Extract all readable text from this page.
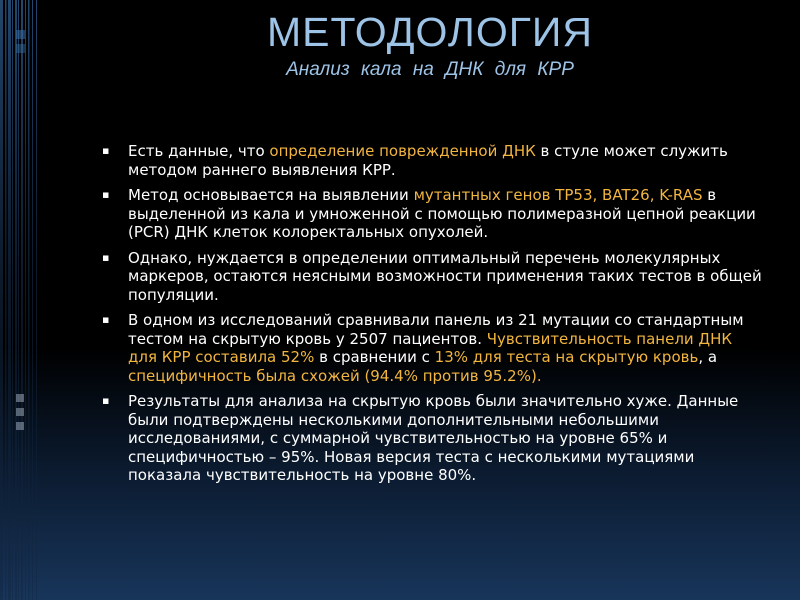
МЕТОДОЛОГИЯ
Анализ кала на ДНК для КРР
▪ Есть данные, что определение поврежденной ДНК в стуле может служить методом раннего выявления КРР.
▪ Метод основывается на выявлении мутантных генов TP53, BAT26, K-RAS в выделенной из кала и умноженной с помощью полимеразной цепной реакции (PCR) ДНК клеток колоректальных опухолей.
▪ Однако, нуждается в определении оптимальный перечень молекулярных маркеров, остаются неясными возможности применения таких тестов в общей популяции.
▪ В одном из исследований сравнивали панель из 21 мутации со стандартным тестом на скрытую кровь у 2507 пациентов. Чувствительность панели ДНК для КРР составила 52% в сравнении с 13% для теста на скрытую кровь, а специфичность была схожей (94.4% против 95.2%).
▪ Результаты для анализа на скрытую кровь были значительно хуже. Данные были подтверждены несколькими дополнительными небольшими исследованиями, с суммарной чувствительностью на уровне 65% и специфичностью – 95%. Новая версия теста с несколькими мутациями показала чувствительность на уровне 80%.
